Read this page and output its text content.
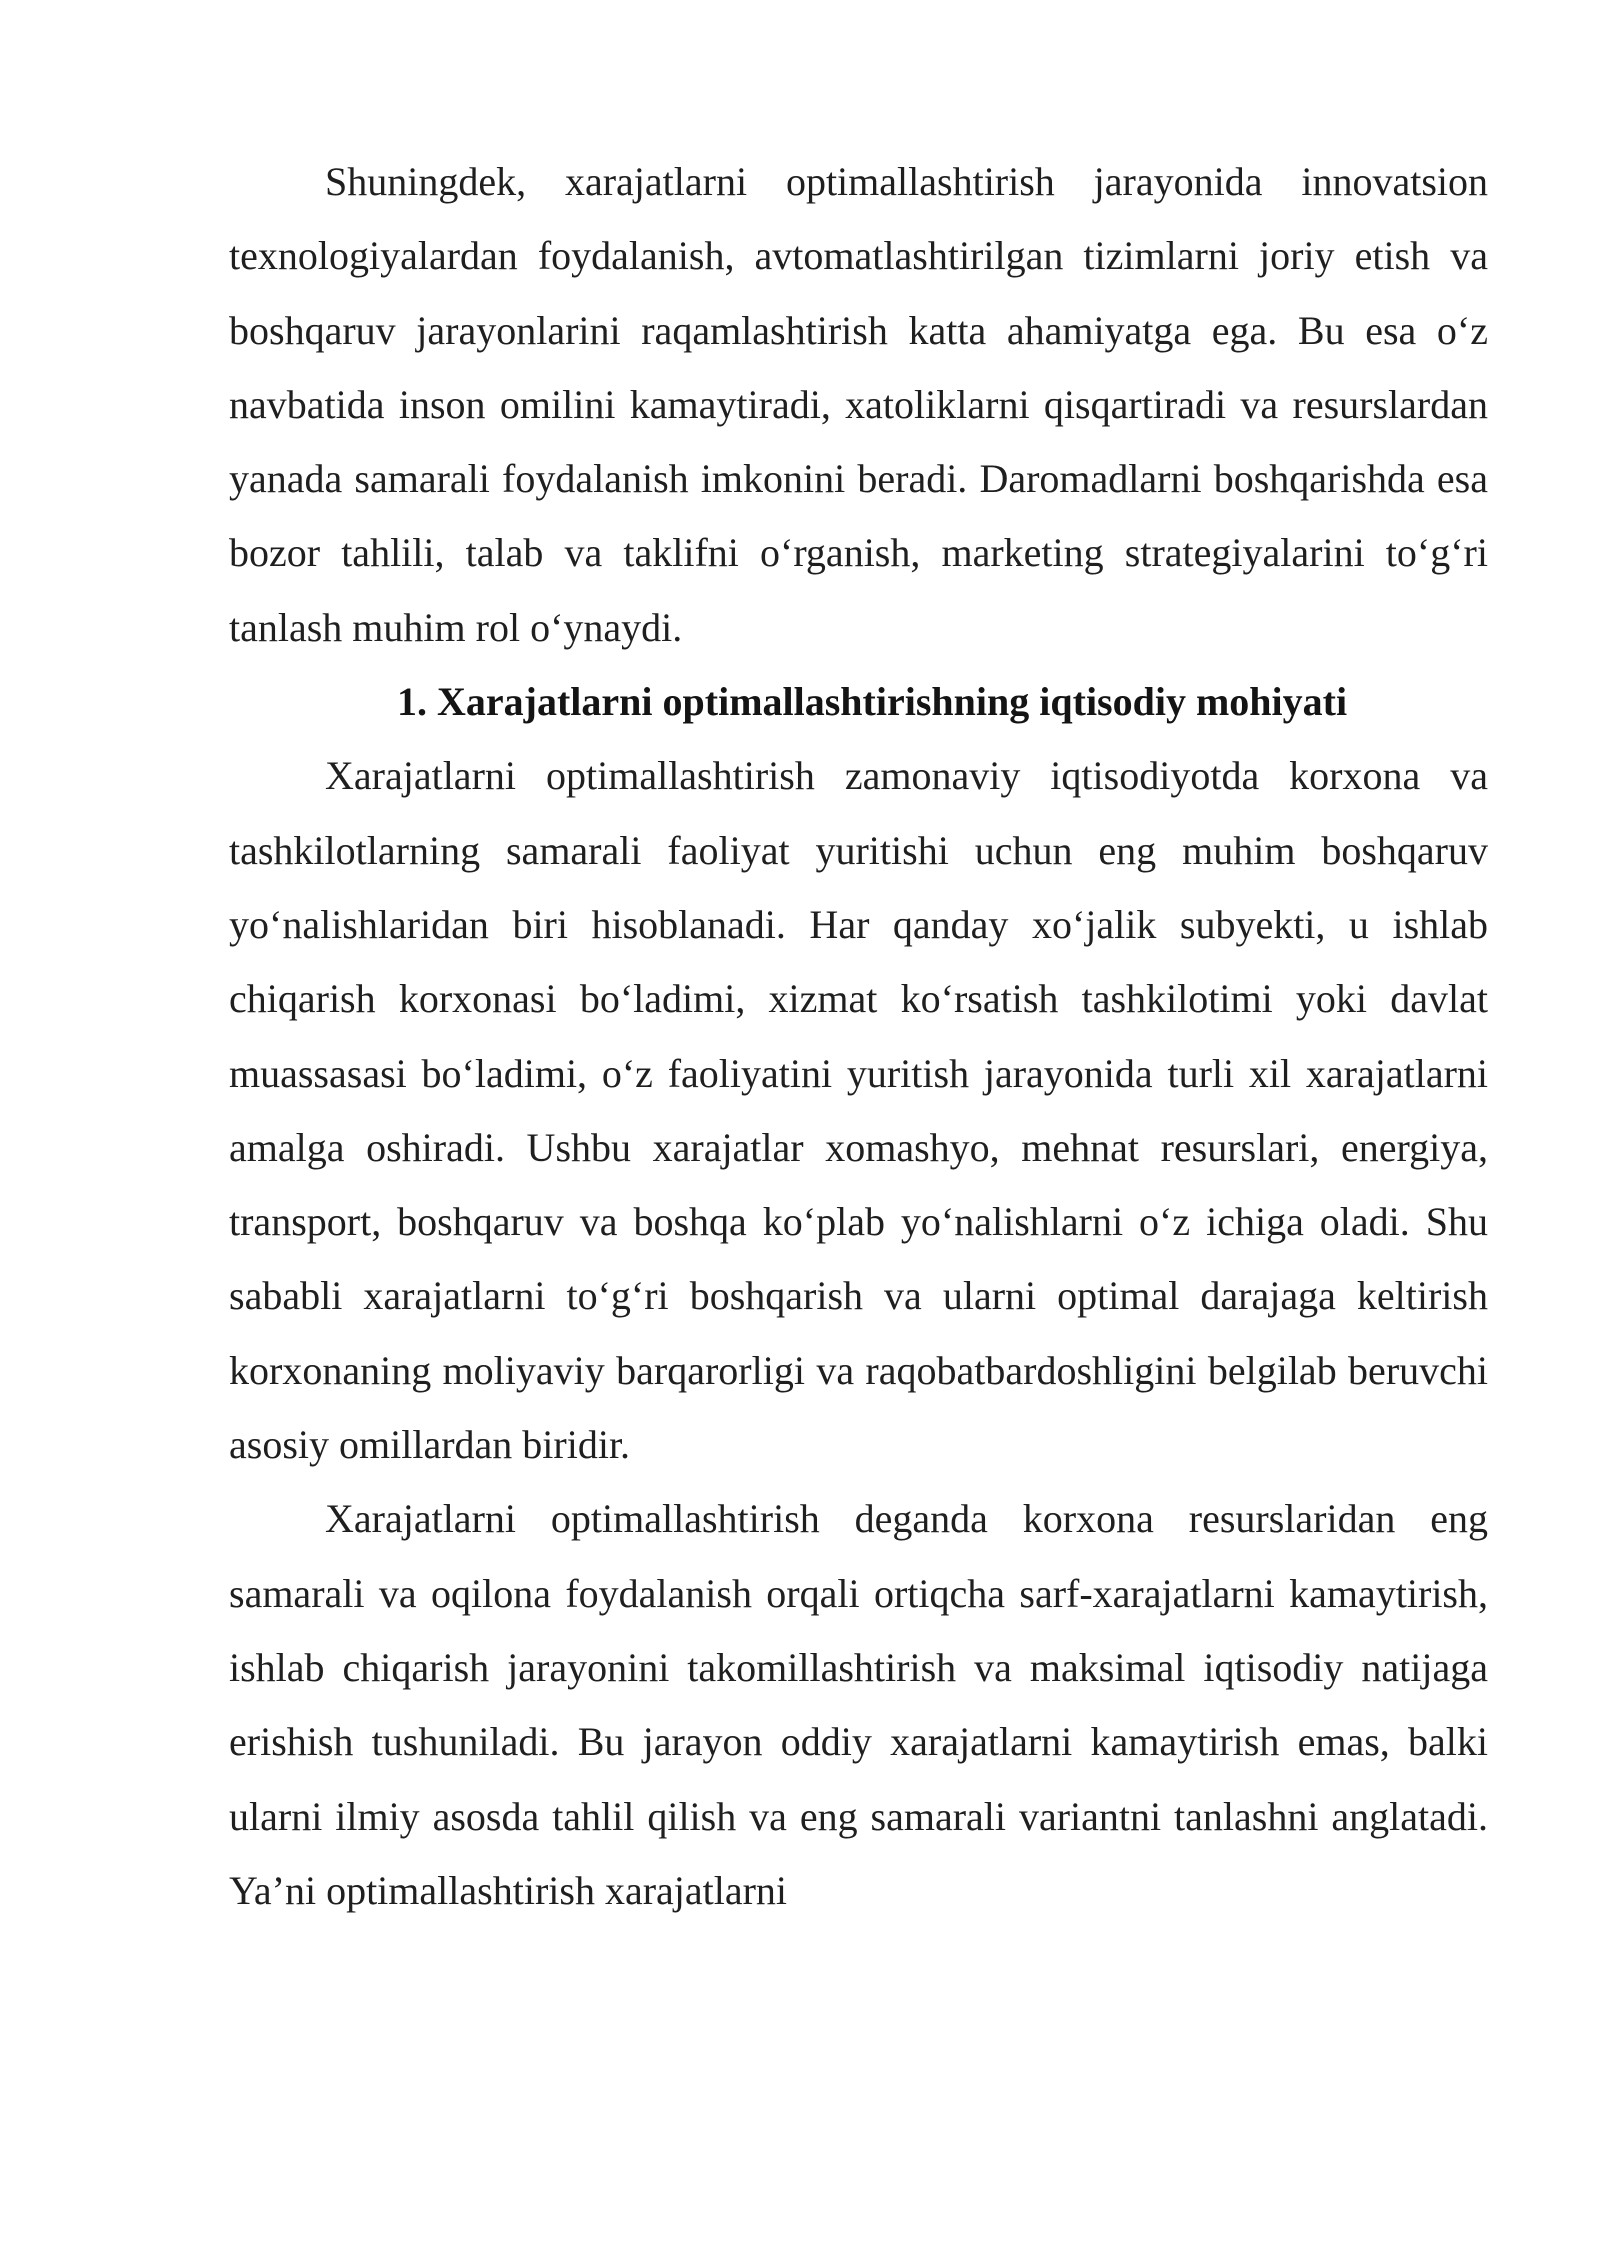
Shuningdek, xarajatlarni optimallashtirish jarayonida innovatsion texnologiyalardan foydalanish, avtomatlashtirilgan tizimlarni joriy etish va boshqaruv jarayonlarini raqamlashtirish katta ahamiyatga ega. Bu esa o‘z navbatida inson omilini kamaytiradi, xatoliklarni qisqartiradi va resurslardan yanada samarali foydalanish imkonini beradi. Daromadlarni boshqarishda esa bozor tahlili, talab va taklifni o‘rganish, marketing strategiyalarini to‘g‘ri tanlash muhim rol o‘ynaydi.

1. Xarajatlarni optimallashtirishning iqtisodiy mohiyati

Xarajatlarni optimallashtirish zamonaviy iqtisodiyotda korxona va tashkilotlarning samarali faoliyat yuritishi uchun eng muhim boshqaruv yo‘nalishlaridan biri hisoblanadi. Har qanday xo‘jalik subyekti, u ishlab chiqarish korxonasi bo‘ladimi, xizmat ko‘rsatish tashkilotimi yoki davlat muassasasi bo‘ladimi, o‘z faoliyatini yuritish jarayonida turli xil xarajatlarni amalga oshiradi. Ushbu xarajatlar xomashyo, mehnat resurslari, energiya, transport, boshqaruv va boshqa ko‘plab yo‘nalishlarni o‘z ichiga oladi. Shu sababli xarajatlarni to‘g‘ri boshqarish va ularni optimal darajaga keltirish korxonaning moliyaviy barqarorligi va raqobatbardoshligini belgilab beruvchi asosiy omillardan biridir.

Xarajatlarni optimallashtirish deganda korxona resurslaridan eng samarali va oqilona foydalanish orqali ortiqcha sarf-xarajatlarni kamaytirish, ishlab chiqarish jarayonini takomillashtirish va maksimal iqtisodiy natijaga erishish tushuniladi. Bu jarayon oddiy xarajatlarni kamaytirish emas, balki ularni ilmiy asosda tahlil qilish va eng samarali variantni tanlashni anglatadi. Ya’ni optimallashtirish xarajatlarni
